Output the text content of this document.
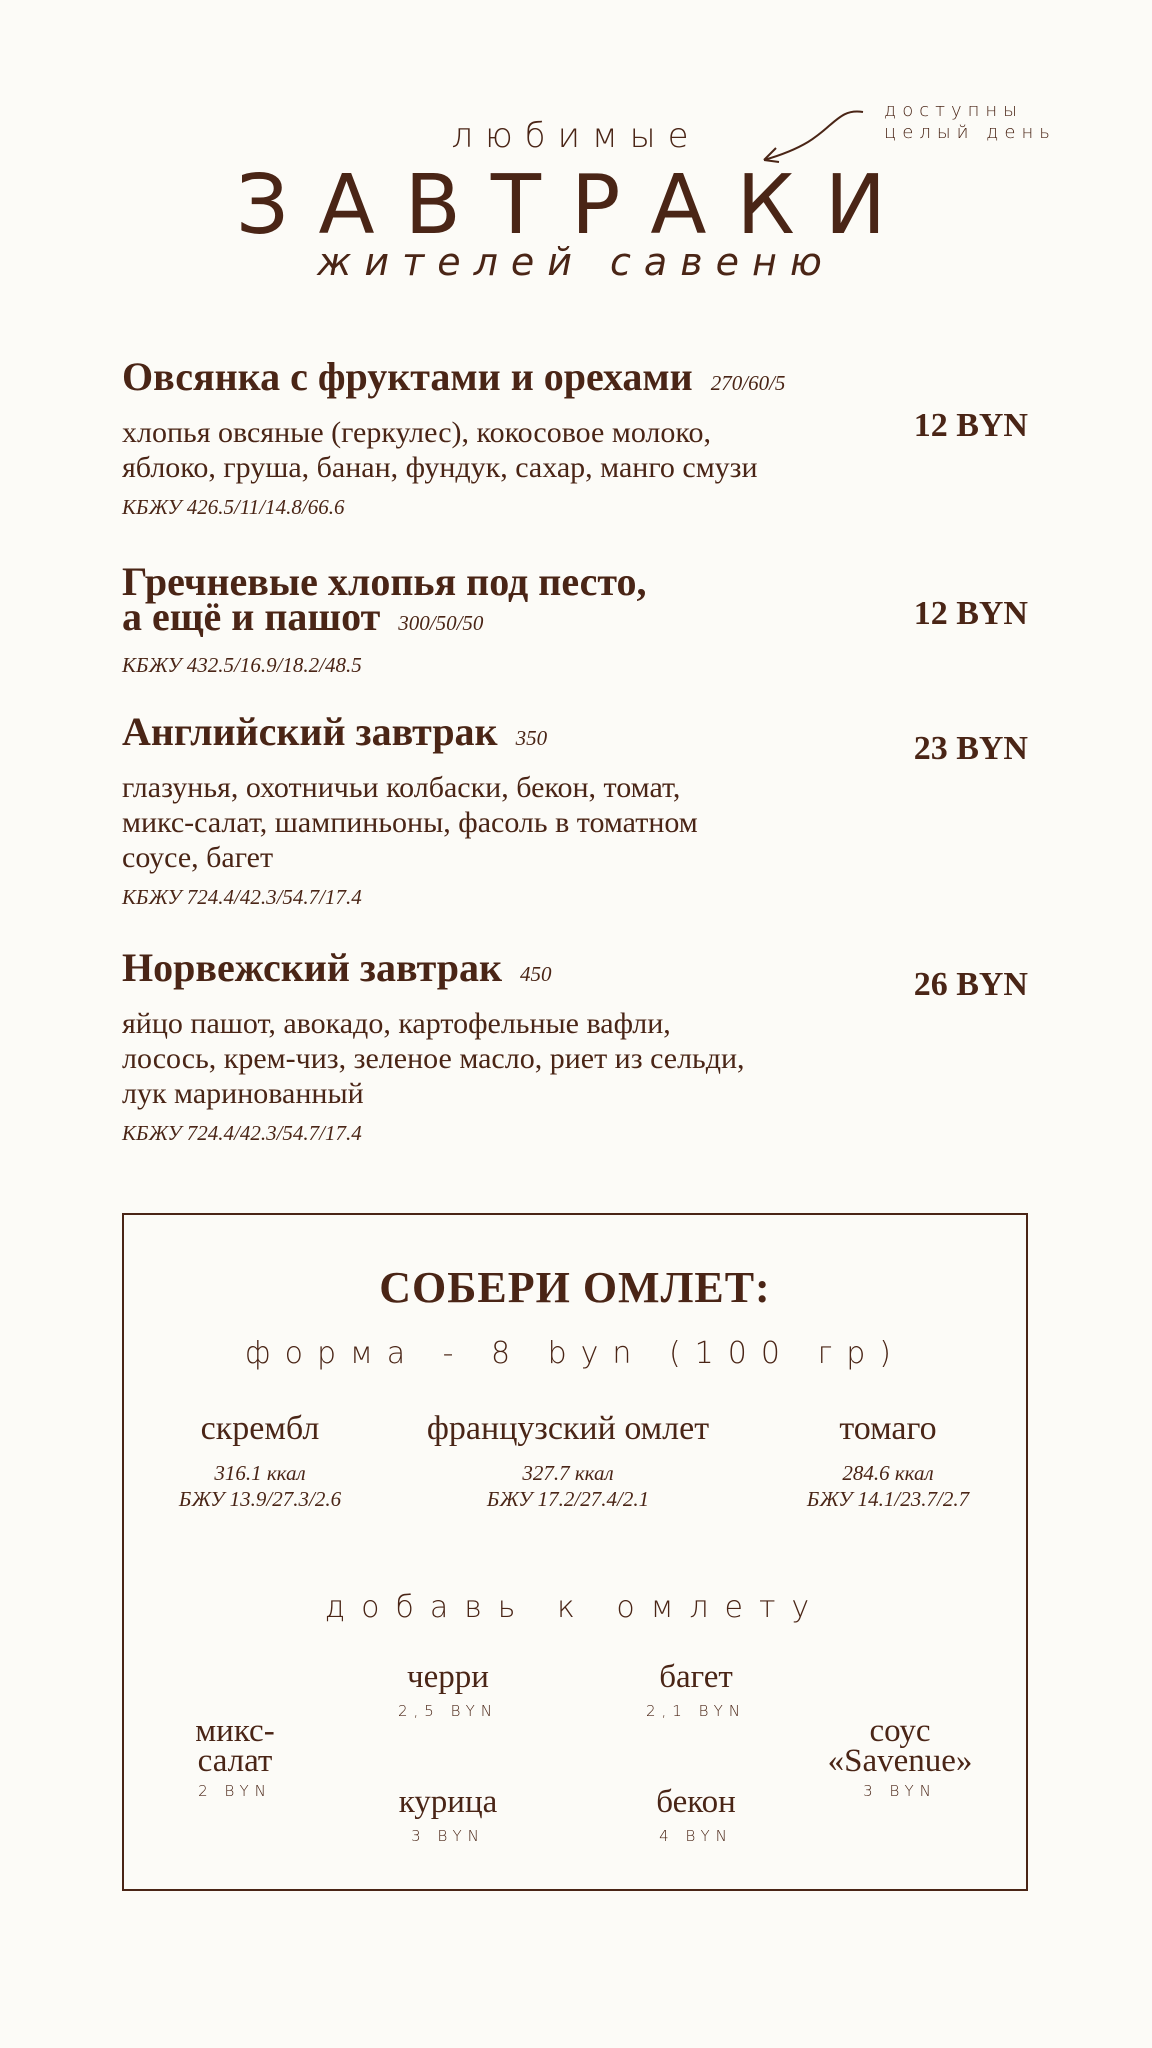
любимые
ЗАВТРАКИ
жителей савеню
доступны
целый день
Овсянка с фруктами и орехами 270/60/5
хлопья овсяные (геркулес), кокосовое молоко,
яблоко, груша, банан, фундук, сахар, манго смузи
КБЖУ 426.5/11/14.8/66.6
12 BYN
Гречневые хлопья под песто,
а ещё и пашот 300/50/50
КБЖУ 432.5/16.9/18.2/48.5
12 BYN
Английский завтрак 350
глазунья, охотничьи колбаски, бекон, томат,
микс-салат, шампиньоны, фасоль в томатном
соусе, багет
КБЖУ 724.4/42.3/54.7/17.4
23 BYN
Норвежский завтрак 450
яйцо пашот, авокадо, картофельные вафли,
лосось, крем-чиз, зеленое масло, риет из сельди,
лук маринованный
КБЖУ 724.4/42.3/54.7/17.4
26 BYN
СОБЕРИ ОМЛЕТ:
форма - 8 byn (100 гр)
скрембл
316.1 ккал
БЖУ 13.9/27.3/2.6
французский омлет
327.7 ккал
БЖУ 17.2/27.4/2.1
томаго
284.6 ккал
БЖУ 14.1/23.7/2.7
добавь к омлету
микс-
салат
2 BYN
черри
2,5 BYN
багет
2,1 BYN
курица
3 BYN
бекон
4 BYN
соус
«Savenue»
3 BYN
